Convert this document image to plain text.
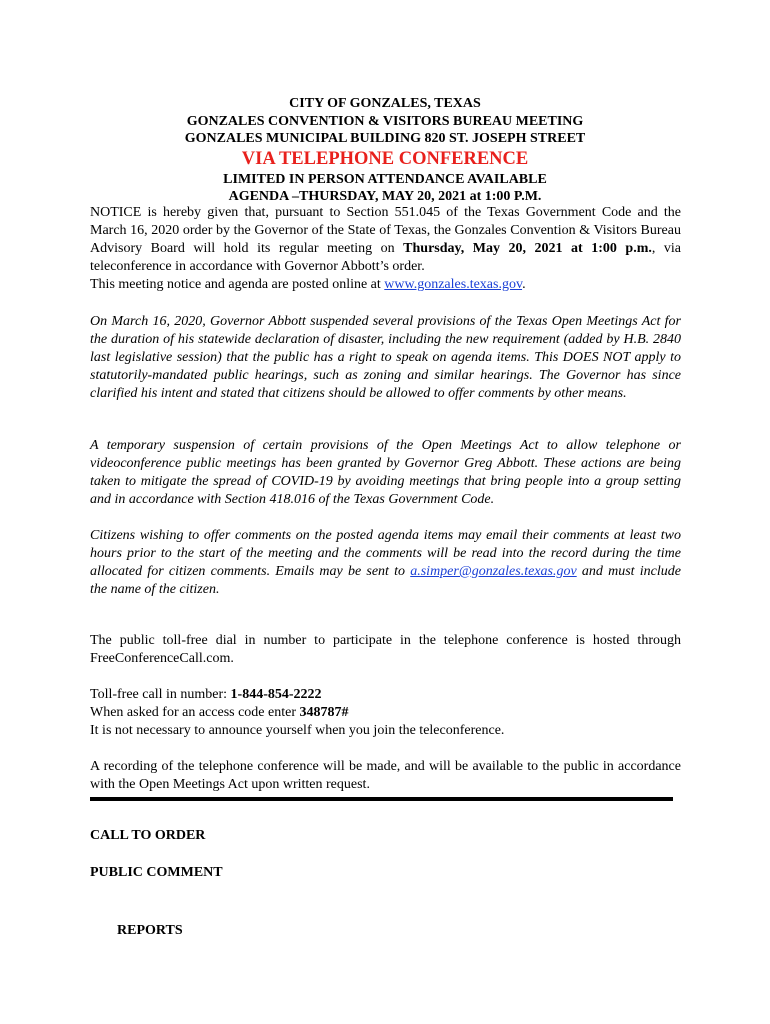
CITY OF GONZALES, TEXAS
GONZALES CONVENTION & VISITORS BUREAU MEETING
GONZALES MUNICIPAL BUILDING 820 ST. JOSEPH STREET
VIA TELEPHONE CONFERENCE
LIMITED IN PERSON ATTENDANCE AVAILABLE
AGENDA –THURSDAY, MAY 20, 2021 at 1:00 P.M.
NOTICE is hereby given that, pursuant to Section 551.045 of the Texas Government Code and the March 16, 2020 order by the Governor of the State of Texas, the Gonzales Convention & Visitors Bureau Advisory Board will hold its regular meeting on Thursday, May 20, 2021 at 1:00 p.m., via teleconference in accordance with Governor Abbott’s order.
This meeting notice and agenda are posted online at www.gonzales.texas.gov.
On March 16, 2020, Governor Abbott suspended several provisions of the Texas Open Meetings Act for the duration of his statewide declaration of disaster, including the new requirement (added by H.B. 2840 last legislative session) that the public has a right to speak on agenda items. This DOES NOT apply to statutorily-mandated public hearings, such as zoning and similar hearings. The Governor has since clarified his intent and stated that citizens should be allowed to offer comments by other means.
A temporary suspension of certain provisions of the Open Meetings Act to allow telephone or videoconference public meetings has been granted by Governor Greg Abbott. These actions are being taken to mitigate the spread of COVID-19 by avoiding meetings that bring people into a group setting and in accordance with Section 418.016 of the Texas Government Code.
Citizens wishing to offer comments on the posted agenda items may email their comments at least two hours prior to the start of the meeting and the comments will be read into the record during the time allocated for citizen comments. Emails may be sent to a.simper@gonzales.texas.gov and must include the name of the citizen.
The public toll-free dial in number to participate in the telephone conference is hosted through FreeConferenceCall.com.
Toll-free call in number: 1-844-854-2222
When asked for an access code enter 348787#
It is not necessary to announce yourself when you join the teleconference.
A recording of the telephone conference will be made, and will be available to the public in accordance with the Open Meetings Act upon written request.
CALL TO ORDER
PUBLIC COMMENT
REPORTS
